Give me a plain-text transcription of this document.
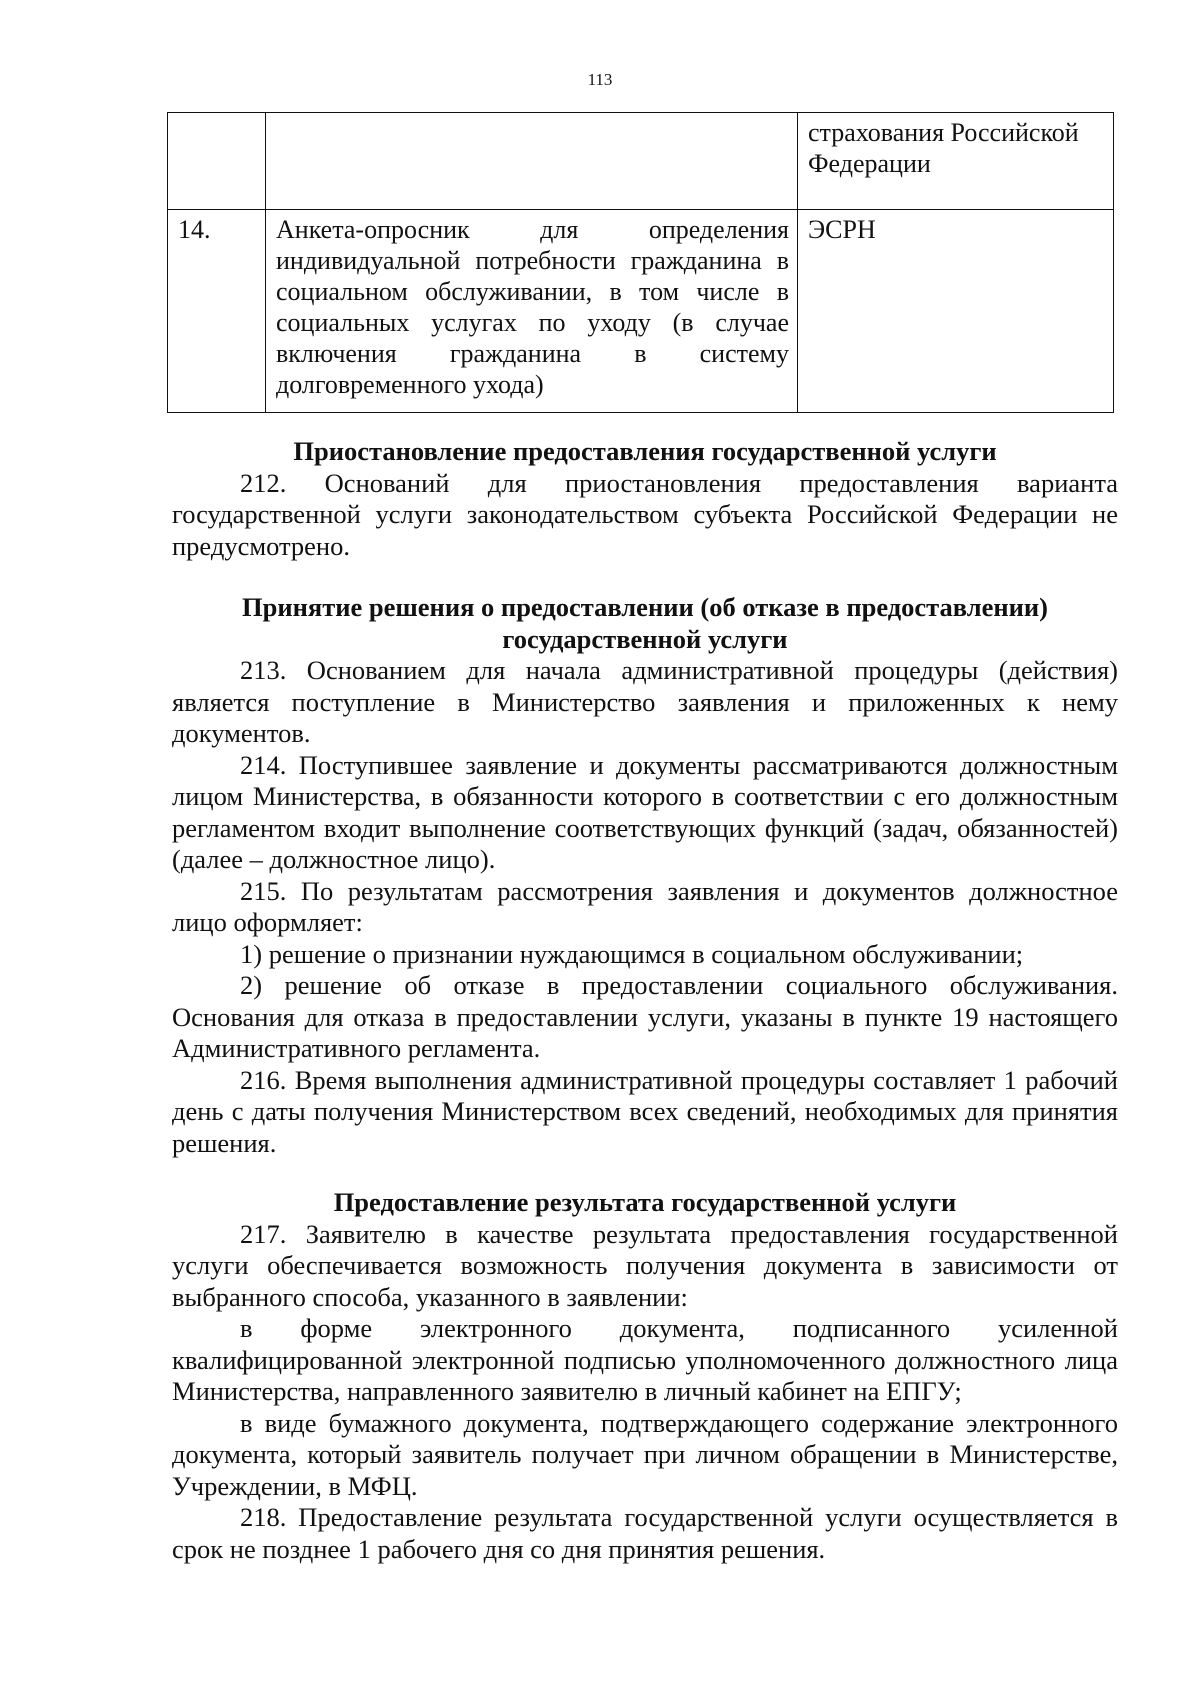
113
		страхования Российской Федерации
14.	Анкета-опросник для определения индивидуальной потребности гражданина в социальном обслуживании, в том числе в социальных услугах по уходу (в случае включения гражданина в систему долговременного ухода)	ЭСРН
Приостановление предоставления государственной услуги

212. Оснований для приостановления предоставления варианта государственной услуги законодательством субъекта Российской Федерации не предусмотрено.

Принятие решения о предоставлении (об отказе в предоставлении)
государственной услуги

213. Основанием для начала административной процедуры (действия) является поступление в Министерство заявления и приложенных к нему документов.

214. Поступившее заявление и документы рассматриваются должностным лицом Министерства, в обязанности которого в соответствии с его должностным регламентом входит выполнение соответствующих функций (задач, обязанностей) (далее – должностное лицо).

215. По результатам рассмотрения заявления и документов должностное лицо оформляет:

1) решение о признании нуждающимся в социальном обслуживании;

2) решение об отказе в предоставлении социального обслуживания. Основания для отказа в предоставлении услуги, указаны в пункте 19 настоящего Административного регламента.

216. Время выполнения административной процедуры составляет 1 рабочий день с даты получения Министерством всех сведений, необходимых для принятия решения.

Предоставление результата государственной услуги

217. Заявителю в качестве результата предоставления государственной услуги обеспечивается возможность получения документа в зависимости от выбранного способа, указанного в заявлении:

в форме электронного документа, подписанного усиленной квалифицированной электронной подписью уполномоченного должностного лица Министерства, направленного заявителю в личный кабинет на ЕПГУ;

в виде бумажного документа, подтверждающего содержание электронного документа, который заявитель получает при личном обращении в Министерстве, Учреждении, в МФЦ.

218. Предоставление результата государственной услуги осуществляется в срок не позднее 1 рабочего дня со дня принятия решения.
